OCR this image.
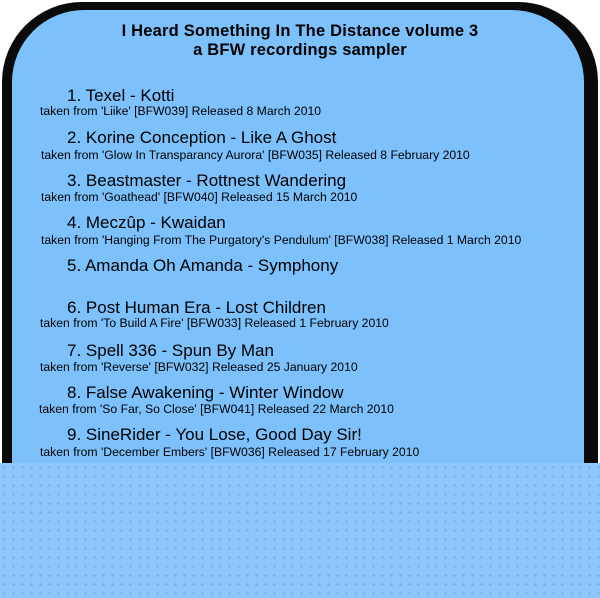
I Heard Something In The Distance volume 3
a BFW recordings sampler
1. Texel - Kotti
taken from 'Liike' [BFW039] Released 8 March 2010
2. Korine Conception - Like A Ghost
taken from 'Glow In Transparancy Aurora' [BFW035] Released 8 February 2010
3. Beastmaster - Rottnest Wandering
taken from 'Goathead' [BFW040] Released 15 March 2010
4. Meczûp - Kwaidan
taken from 'Hanging From The Purgatory's Pendulum' [BFW038] Released 1 March 2010
5. Amanda Oh Amanda - Symphony
6. Post Human Era - Lost Children
taken from 'To Build A Fire' [BFW033] Released 1 February 2010
7. Spell 336 - Spun By Man
taken from 'Reverse' [BFW032] Released 25 January 2010
8. False Awakening - Winter Window
taken from 'So Far, So Close' [BFW041] Released 22 March 2010
9. SineRider - You Lose, Good Day Sir!
taken from 'December Embers' [BFW036] Released 17 February 2010
